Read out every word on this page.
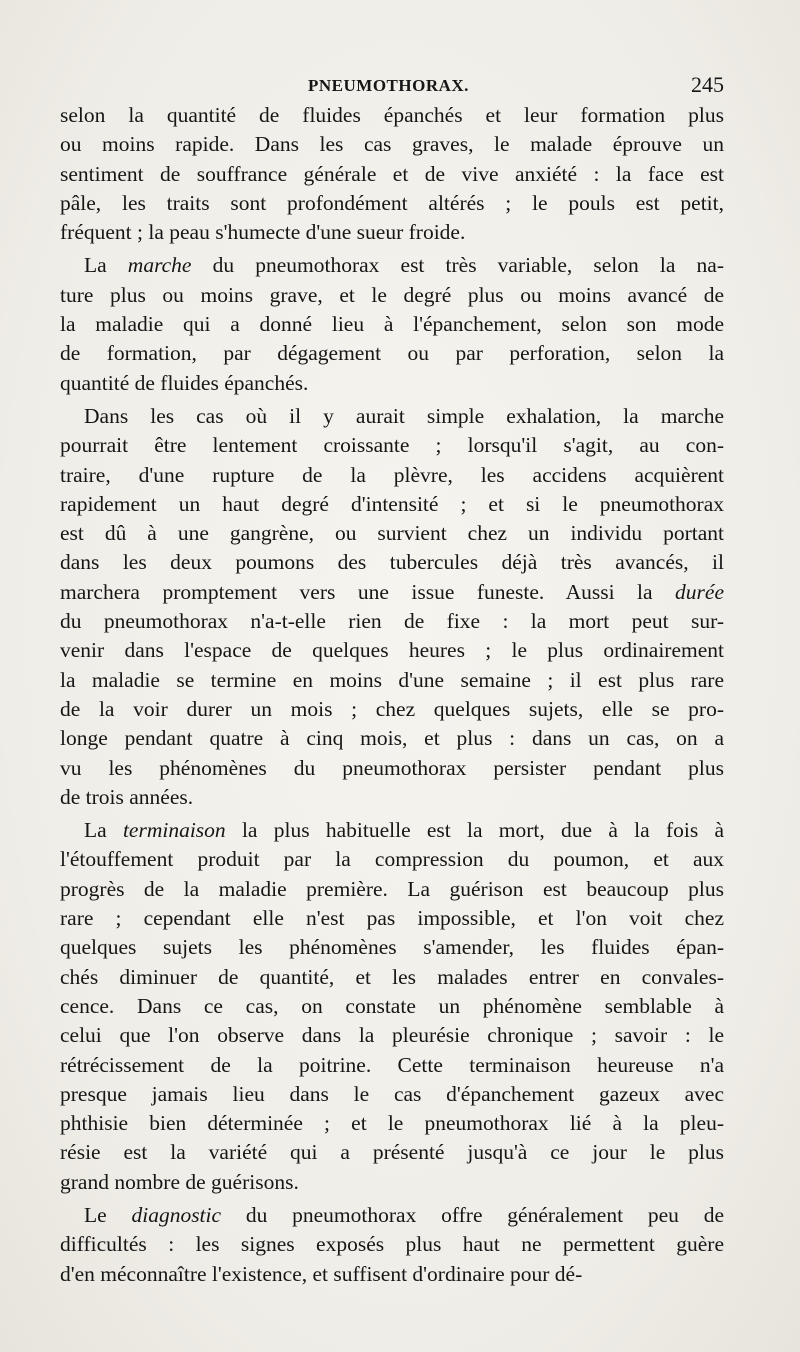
PNEUMOTHORAX.	245
selon la quantité de fluides épanchés et leur formation plus
ou moins rapide. Dans les cas graves, le malade éprouve un
sentiment de souffrance générale et de vive anxiété : la face est
pâle, les traits sont profondément altérés ; le pouls est petit,
fréquent ; la peau s'humecte d'une sueur froide.
La marche du pneumothorax est très variable, selon la na-
ture plus ou moins grave, et le degré plus ou moins avancé de
la maladie qui a donné lieu à l'épanchement, selon son mode
de formation, par dégagement ou par perforation, selon la
quantité de fluides épanchés.
Dans les cas où il y aurait simple exhalation, la marche
pourrait être lentement croissante ; lorsqu'il s'agit, au con-
traire, d'une rupture de la plèvre, les accidens acquièrent
rapidement un haut degré d'intensité ; et si le pneumothorax
est dû à une gangrène, ou survient chez un individu portant
dans les deux poumons des tubercules déjà très avancés, il
marchera promptement vers une issue funeste. Aussi la durée
du pneumothorax n'a-t-elle rien de fixe : la mort peut sur-
venir dans l'espace de quelques heures ; le plus ordinairement
la maladie se termine en moins d'une semaine ; il est plus rare
de la voir durer un mois ; chez quelques sujets, elle se pro-
longe pendant quatre à cinq mois, et plus : dans un cas, on a
vu les phénomènes du pneumothorax persister pendant plus
de trois années.
La terminaison la plus habituelle est la mort, due à la fois à
l'étouffement produit par la compression du poumon, et aux
progrès de la maladie première. La guérison est beaucoup plus
rare ; cependant elle n'est pas impossible, et l'on voit chez
quelques sujets les phénomènes s'amender, les fluides épan-
chés diminuer de quantité, et les malades entrer en convales-
cence. Dans ce cas, on constate un phénomène semblable à
celui que l'on observe dans la pleurésie chronique ; savoir : le
rétrécissement de la poitrine. Cette terminaison heureuse n'a
presque jamais lieu dans le cas d'épanchement gazeux avec
phthisie bien déterminée ; et le pneumothorax lié à la pleu-
résie est la variété qui a présenté jusqu'à ce jour le plus
grand nombre de guérisons.
Le diagnostic du pneumothorax offre généralement peu de
difficultés : les signes exposés plus haut ne permettent guère
d'en méconnaître l'existence, et suffisent d'ordinaire pour dé-
